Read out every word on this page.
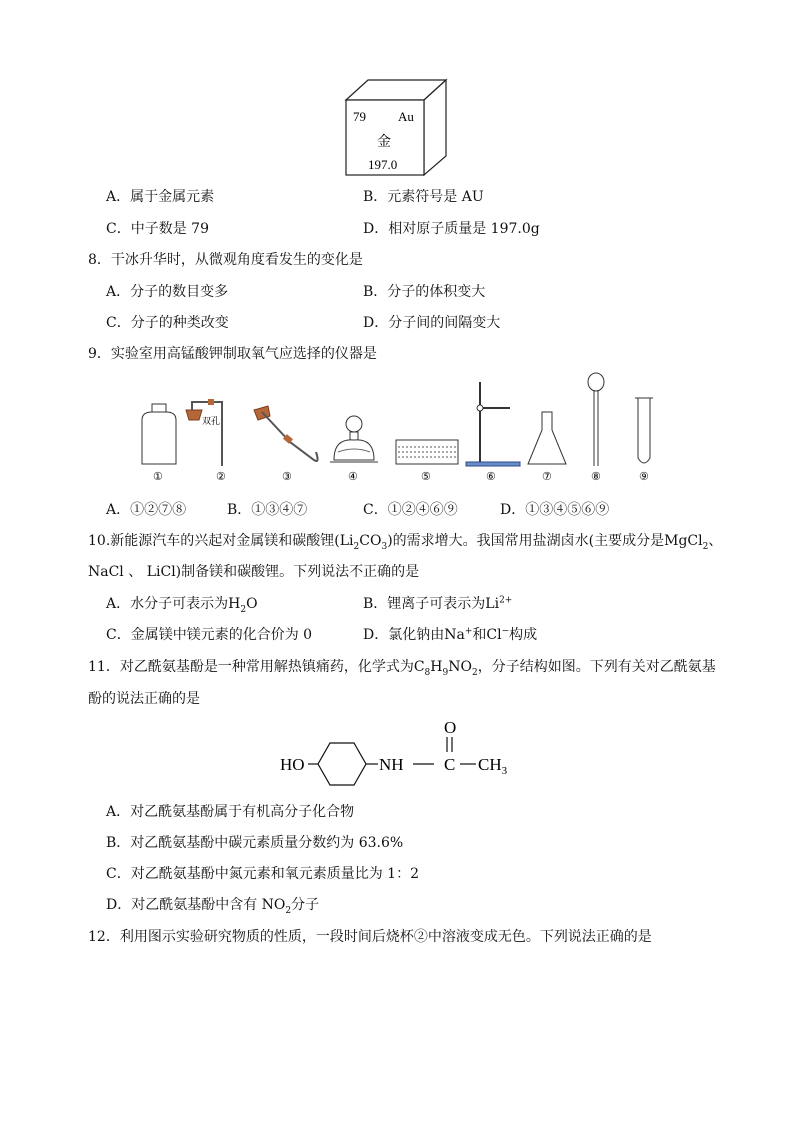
79 Au
金
197.0
A．属于金属元素	B．元素符号是 AU
C．中子数是 79	D．相对原子质量是 197.0g
8．干冰升华时，从微观角度看发生的变化是
A．分子的数目变多	B．分子的体积变大
C．分子的种类改变	D．分子间的间隔变大
9．实验室用高锰酸钾制取氧气应选择的仪器是
①
双孔
②	③	④	⑤	⑥	⑦	⑧	⑨
A．①②⑦⑧	B．①③④⑦	C．①②④⑥⑨	D．①③④⑤⑥⑨
10.新能源汽车的兴起对金属镁和碳酸锂$(Li_2CO_3)$的需求增大。我国常用盐湖卤水(主要成分是MgCl$_2$、
NaCl 、 LiCl)制备镁和碳酸锂。下列说法不正确的是
A．水分子可表示为$H_2O$	B．锂离子可表示为$Li^{2+}$
C．金属镁中镁元素的化合价为 0	D．氯化钠由Na+和Cl−构成
11．对乙酰氨基酚是一种常用解热镇痛药，化学式为$C_8H_9NO_2$，分子结构如图。下列有关对乙酰氨基
酚的说法正确的是
HO	NH C
O
$CH_3$
A．对乙酰氨基酚属于有机高分子化合物
B．对乙酰氨基酚中碳元素质量分数约为 63.6%
C．对乙酰氨基酚中氮元素和氧元素质量比为 1：2
D．对乙酰氨基酚中含有 $NO_2$分子
12．利用图示实验研究物质的性质，一段时间后烧杯②中溶液变成无色。下列说法正确的是
